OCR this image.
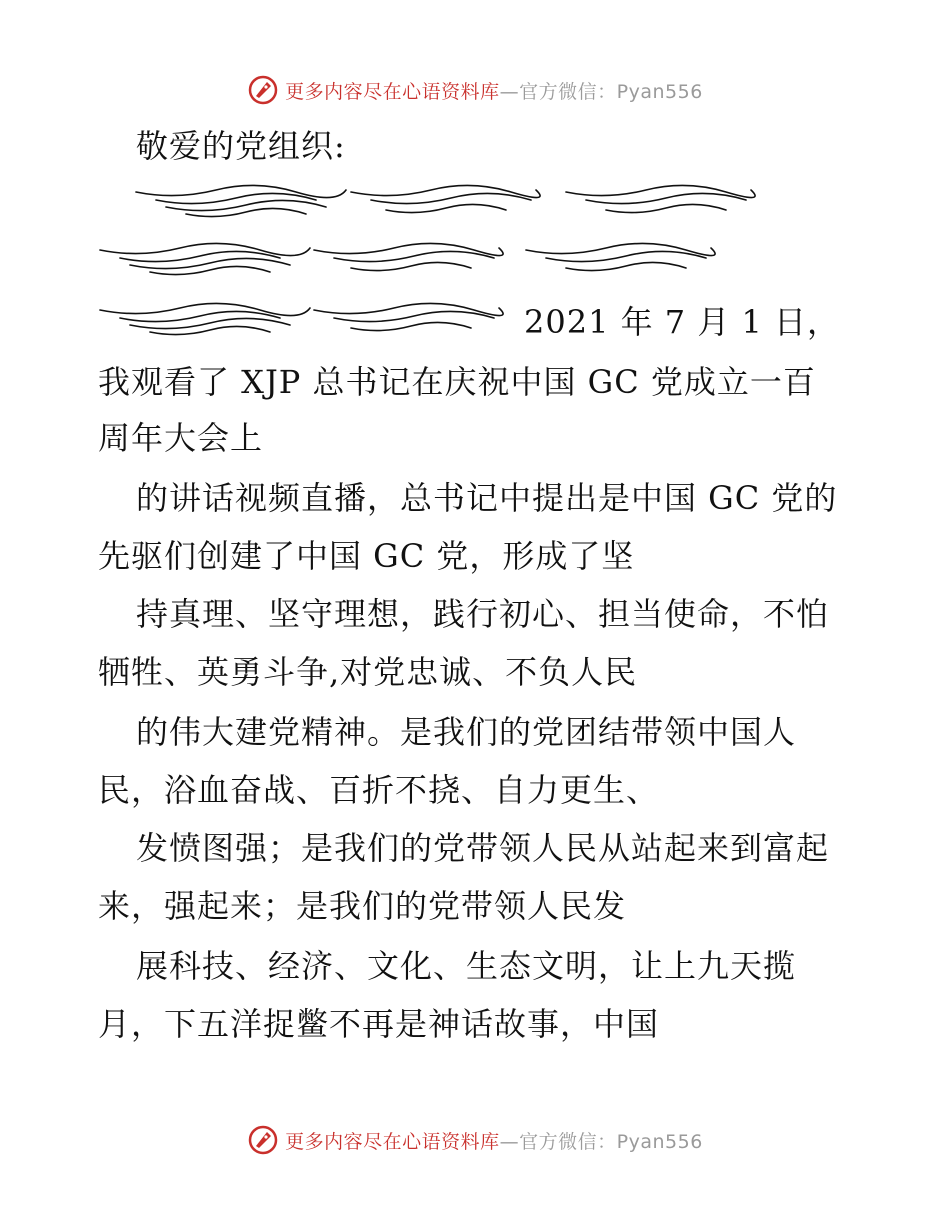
更多内容尽在心语资料库 —官方微信：Pyan556
敬爱的党组织:
2021 年 7 月 1 日，
我观看了 XJP 总书记在庆祝中国 GC 党成立一百
周年大会上
的讲话视频直播，总书记中提出是中国 GC 党的
先驱们创建了中国 GC 党，形成了坚
持真理、坚守理想，践行初心、担当使命，不怕
牺牲、英勇斗争,对党忠诚、不负人民
的伟大建党精神。是我们的党团结带领中国人
民，浴血奋战、百折不挠、自力更生、
发愤图强；是我们的党带领人民从站起来到富起
来，强起来；是我们的党带领人民发
展科技、经济、文化、生态文明，让上九天揽
月，下五洋捉鳖不再是神话故事，中国
更多内容尽在心语资料库 —官方微信：Pyan556
